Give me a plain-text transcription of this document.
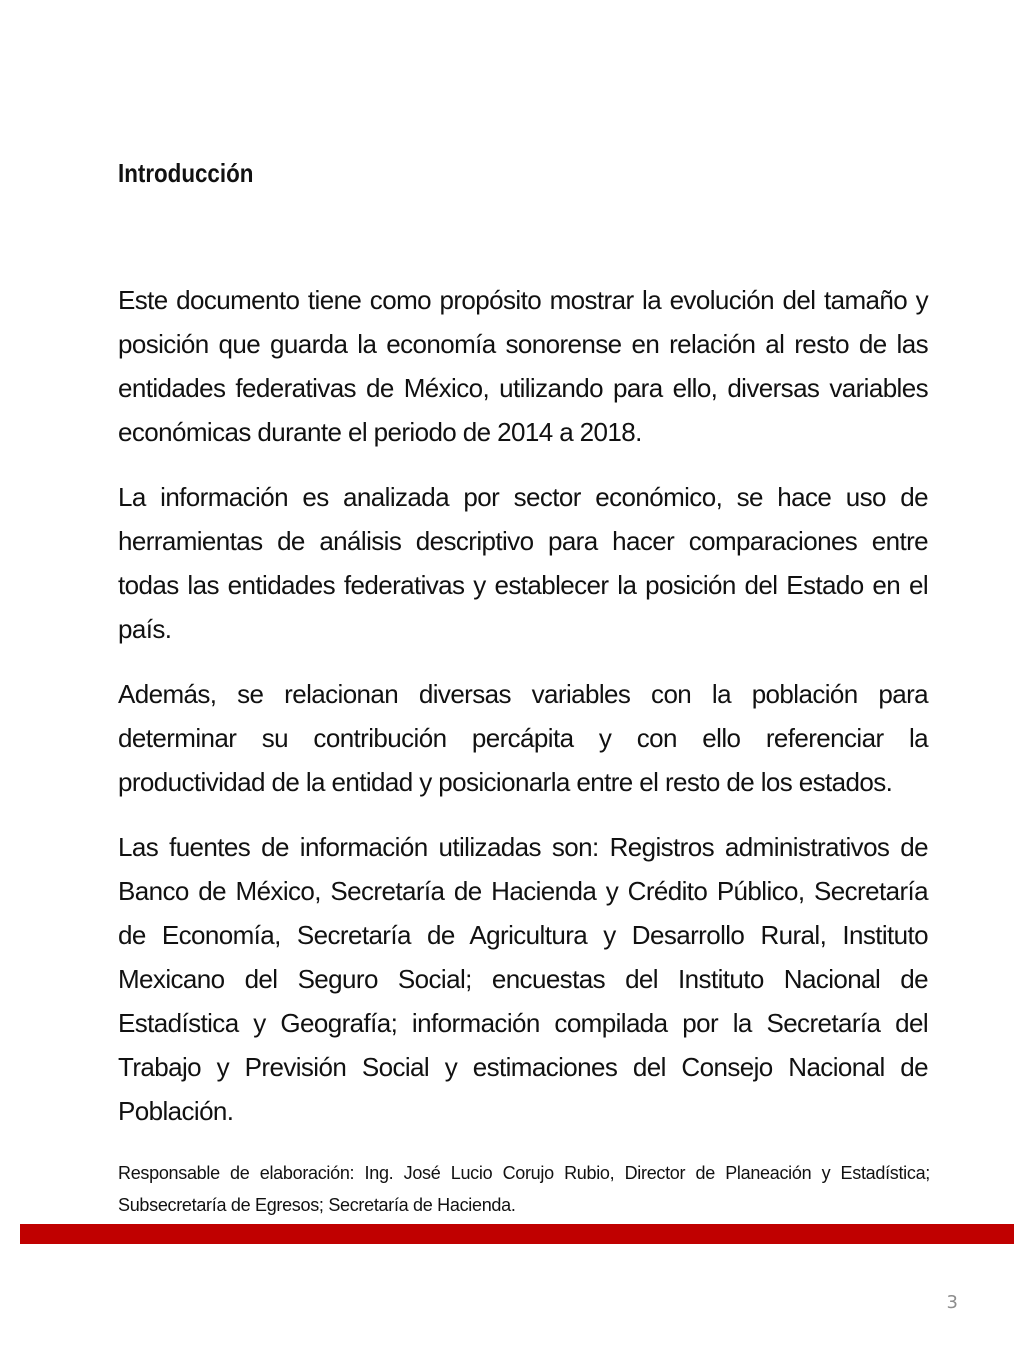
Introducción

Este documento tiene como propósito mostrar la evolución del tamaño y posición que guarda la economía sonorense en relación al resto de las entidades federativas de México, utilizando para ello, diversas variables económicas durante el periodo de 2014 a 2018.

La información es analizada por sector económico, se hace uso de herramientas de análisis descriptivo para hacer comparaciones entre todas las entidades federativas y establecer la posición del Estado en el país.

Además, se relacionan diversas variables con la población para determinar su contribución percápita y con ello referenciar la productividad de la entidad y posicionarla entre el resto de los estados.

Las fuentes de información utilizadas son: Registros administrativos de Banco de México, Secretaría de Hacienda y Crédito Público, Secretaría de Economía, Secretaría de Agricultura y Desarrollo Rural, Instituto Mexicano del Seguro Social; encuestas del Instituto Nacional de Estadística y Geografía; información compilada por la Secretaría del Trabajo y Previsión Social y estimaciones del Consejo Nacional de Población.

Responsable de elaboración: Ing. José Lucio Corujo Rubio, Director de Planeación y Estadística; Subsecretaría de Egresos; Secretaría de Hacienda.

3
